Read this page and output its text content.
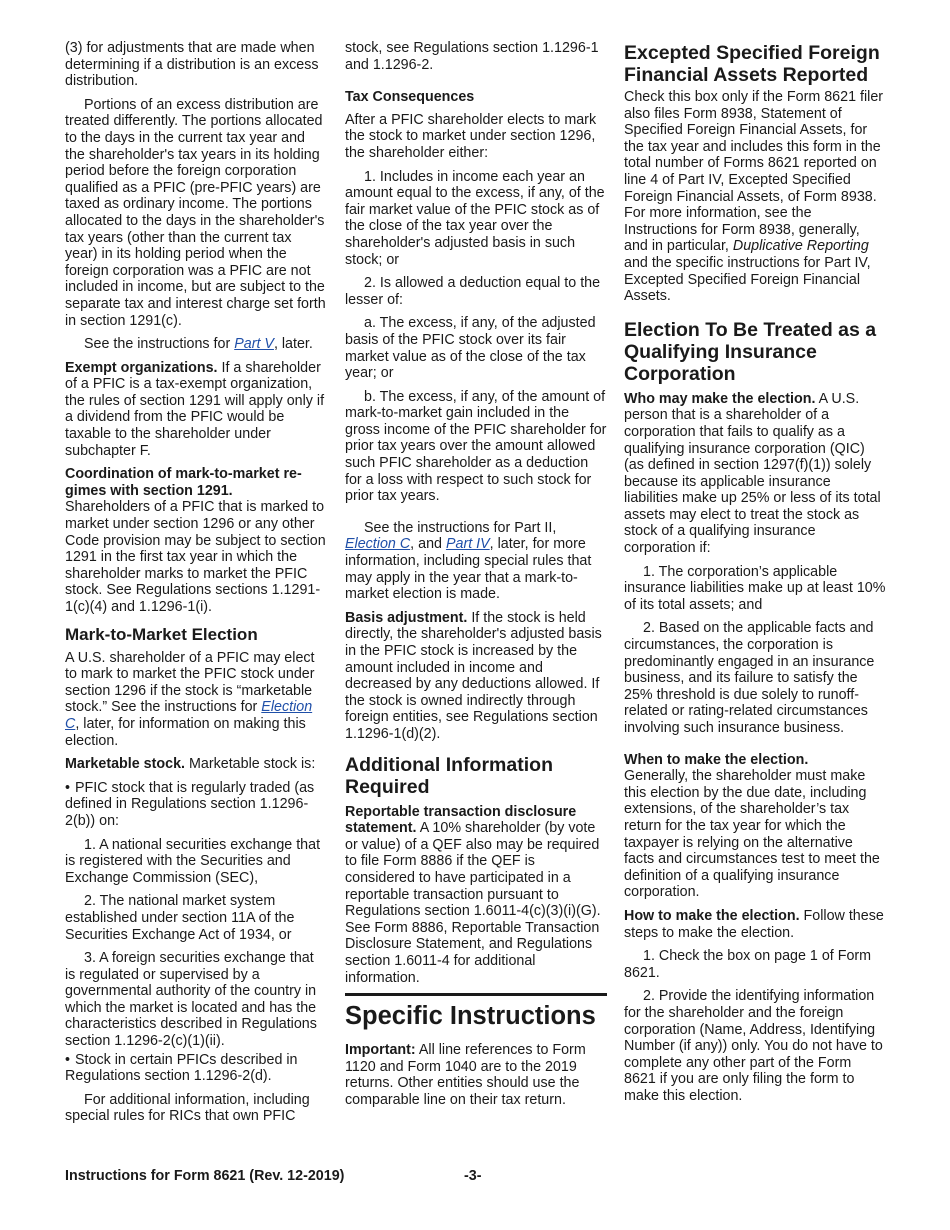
(3) for adjustments that are made when determining if a distribution is an excess distribution.

Portions of an excess distribution are treated differently. The portions allocated to the days in the current tax year and the shareholder's tax years in its holding period before the foreign corporation qualified as a PFIC (pre-PFIC years) are taxed as ordinary income. The portions allocated to the days in the shareholder's tax years (other than the current tax year) in its holding period when the foreign corporation was a PFIC are not included in income, but are subject to the separate tax and interest charge set forth in section 1291(c).

See the instructions for Part V, later.

Exempt organizations. If a shareholder of a PFIC is a tax-exempt organization, the rules of section 1291 will apply only if a dividend from the PFIC would be taxable to the shareholder under subchapter F.

Coordination of mark-to-market re-
gimes with section 1291.

Shareholders of a PFIC that is marked to market under section 1296 or any other Code provision may be subject to section 1291 in the first tax year in which the shareholder marks to market the PFIC stock. See Regulations sections 1.1291-1(c)(4) and 1.1296-1(i).

Mark-to-Market Election

A U.S. shareholder of a PFIC may elect to mark to market the PFIC stock under section 1296 if the stock is “marketable stock.” See the instructions for Election C, later, for information on making this election.

Marketable stock. Marketable stock is:

• PFIC stock that is regularly traded (as defined in Regulations section 1.1296-2(b)) on:

1. A national securities exchange that is registered with the Securities and Exchange Commission (SEC),

2. The national market system established under section 11A of the Securities Exchange Act of 1934, or

3. A foreign securities exchange that is regulated or supervised by a governmental authority of the country in which the market is located and has the characteristics described in Regulations section 1.1296-2(c)(1)(ii).

• Stock in certain PFICs described in Regulations section 1.1296-2(d).

For additional information, including special rules for RICs that own PFIC

stock, see Regulations section 1.1296-1 and 1.1296-2.

Tax Consequences

After a PFIC shareholder elects to mark the stock to market under section 1296, the shareholder either:

1. Includes in income each year an amount equal to the excess, if any, of the fair market value of the PFIC stock as of the close of the tax year over the shareholder's adjusted basis in such stock; or

2. Is allowed a deduction equal to the lesser of:

a. The excess, if any, of the adjusted basis of the PFIC stock over its fair market value as of the close of the tax year; or

b. The excess, if any, of the amount of mark-to-market gain included in the gross income of the PFIC shareholder for prior tax years over the amount allowed such PFIC shareholder as a deduction for a loss with respect to such stock for prior tax years.

See the instructions for Part II, Election C, and Part IV, later, for more information, including special rules that may apply in the year that a mark-to-market election is made.

Basis adjustment. If the stock is held directly, the shareholder's adjusted basis in the PFIC stock is increased by the amount included in income and decreased by any deductions allowed. If the stock is owned indirectly through foreign entities, see Regulations section 1.1296-1(d)(2).

Additional Information Required

Reportable transaction disclosure statement. A 10% shareholder (by vote or value) of a QEF also may be required to file Form 8886 if the QEF is considered to have participated in a reportable transaction pursuant to Regulations section 1.6011-4(c)(3)(i)(G). See Form 8886, Reportable Transaction Disclosure Statement, and Regulations section 1.6011-4 for additional information.

Specific Instructions

Important: All line references to Form 1120 and Form 1040 are to the 2019 returns. Other entities should use the comparable line on their tax return.

Excepted Specified Foreign Financial Assets Reported

Check this box only if the Form 8621 filer also files Form 8938, Statement of Specified Foreign Financial Assets, for the tax year and includes this form in the total number of Forms 8621 reported on line 4 of Part IV, Excepted Specified Foreign Financial Assets, of Form 8938. For more information, see the Instructions for Form 8938, generally, and in particular, Duplicative Reporting and the specific instructions for Part IV, Excepted Specified Foreign Financial Assets.

Election To Be Treated as a Qualifying Insurance Corporation

Who may make the election. A U.S. person that is a shareholder of a corporation that fails to qualify as a qualifying insurance corporation (QIC) (as defined in section 1297(f)(1)) solely because its applicable insurance liabilities make up 25% or less of its total assets may elect to treat the stock as stock of a qualifying insurance corporation if:

1. The corporation’s applicable insurance liabilities make up at least 10% of its total assets; and

2. Based on the applicable facts and circumstances, the corporation is predominantly engaged in an insurance business, and its failure to satisfy the 25% threshold is due solely to runoff-related or rating-related circumstances involving such insurance business.

When to make the election.

Generally, the shareholder must make this election by the due date, including extensions, of the shareholder’s tax return for the tax year for which the taxpayer is relying on the alternative facts and circumstances test to meet the definition of a qualifying insurance corporation.

How to make the election. Follow these steps to make the election.

1. Check the box on page 1 of Form 8621.

2. Provide the identifying information for the shareholder and the foreign corporation (Name, Address, Identifying Number (if any)) only. You do not have to complete any other part of the Form 8621 if you are only filing the form to make this election.

Instructions for Form 8621 (Rev. 12-2019)	-3-
